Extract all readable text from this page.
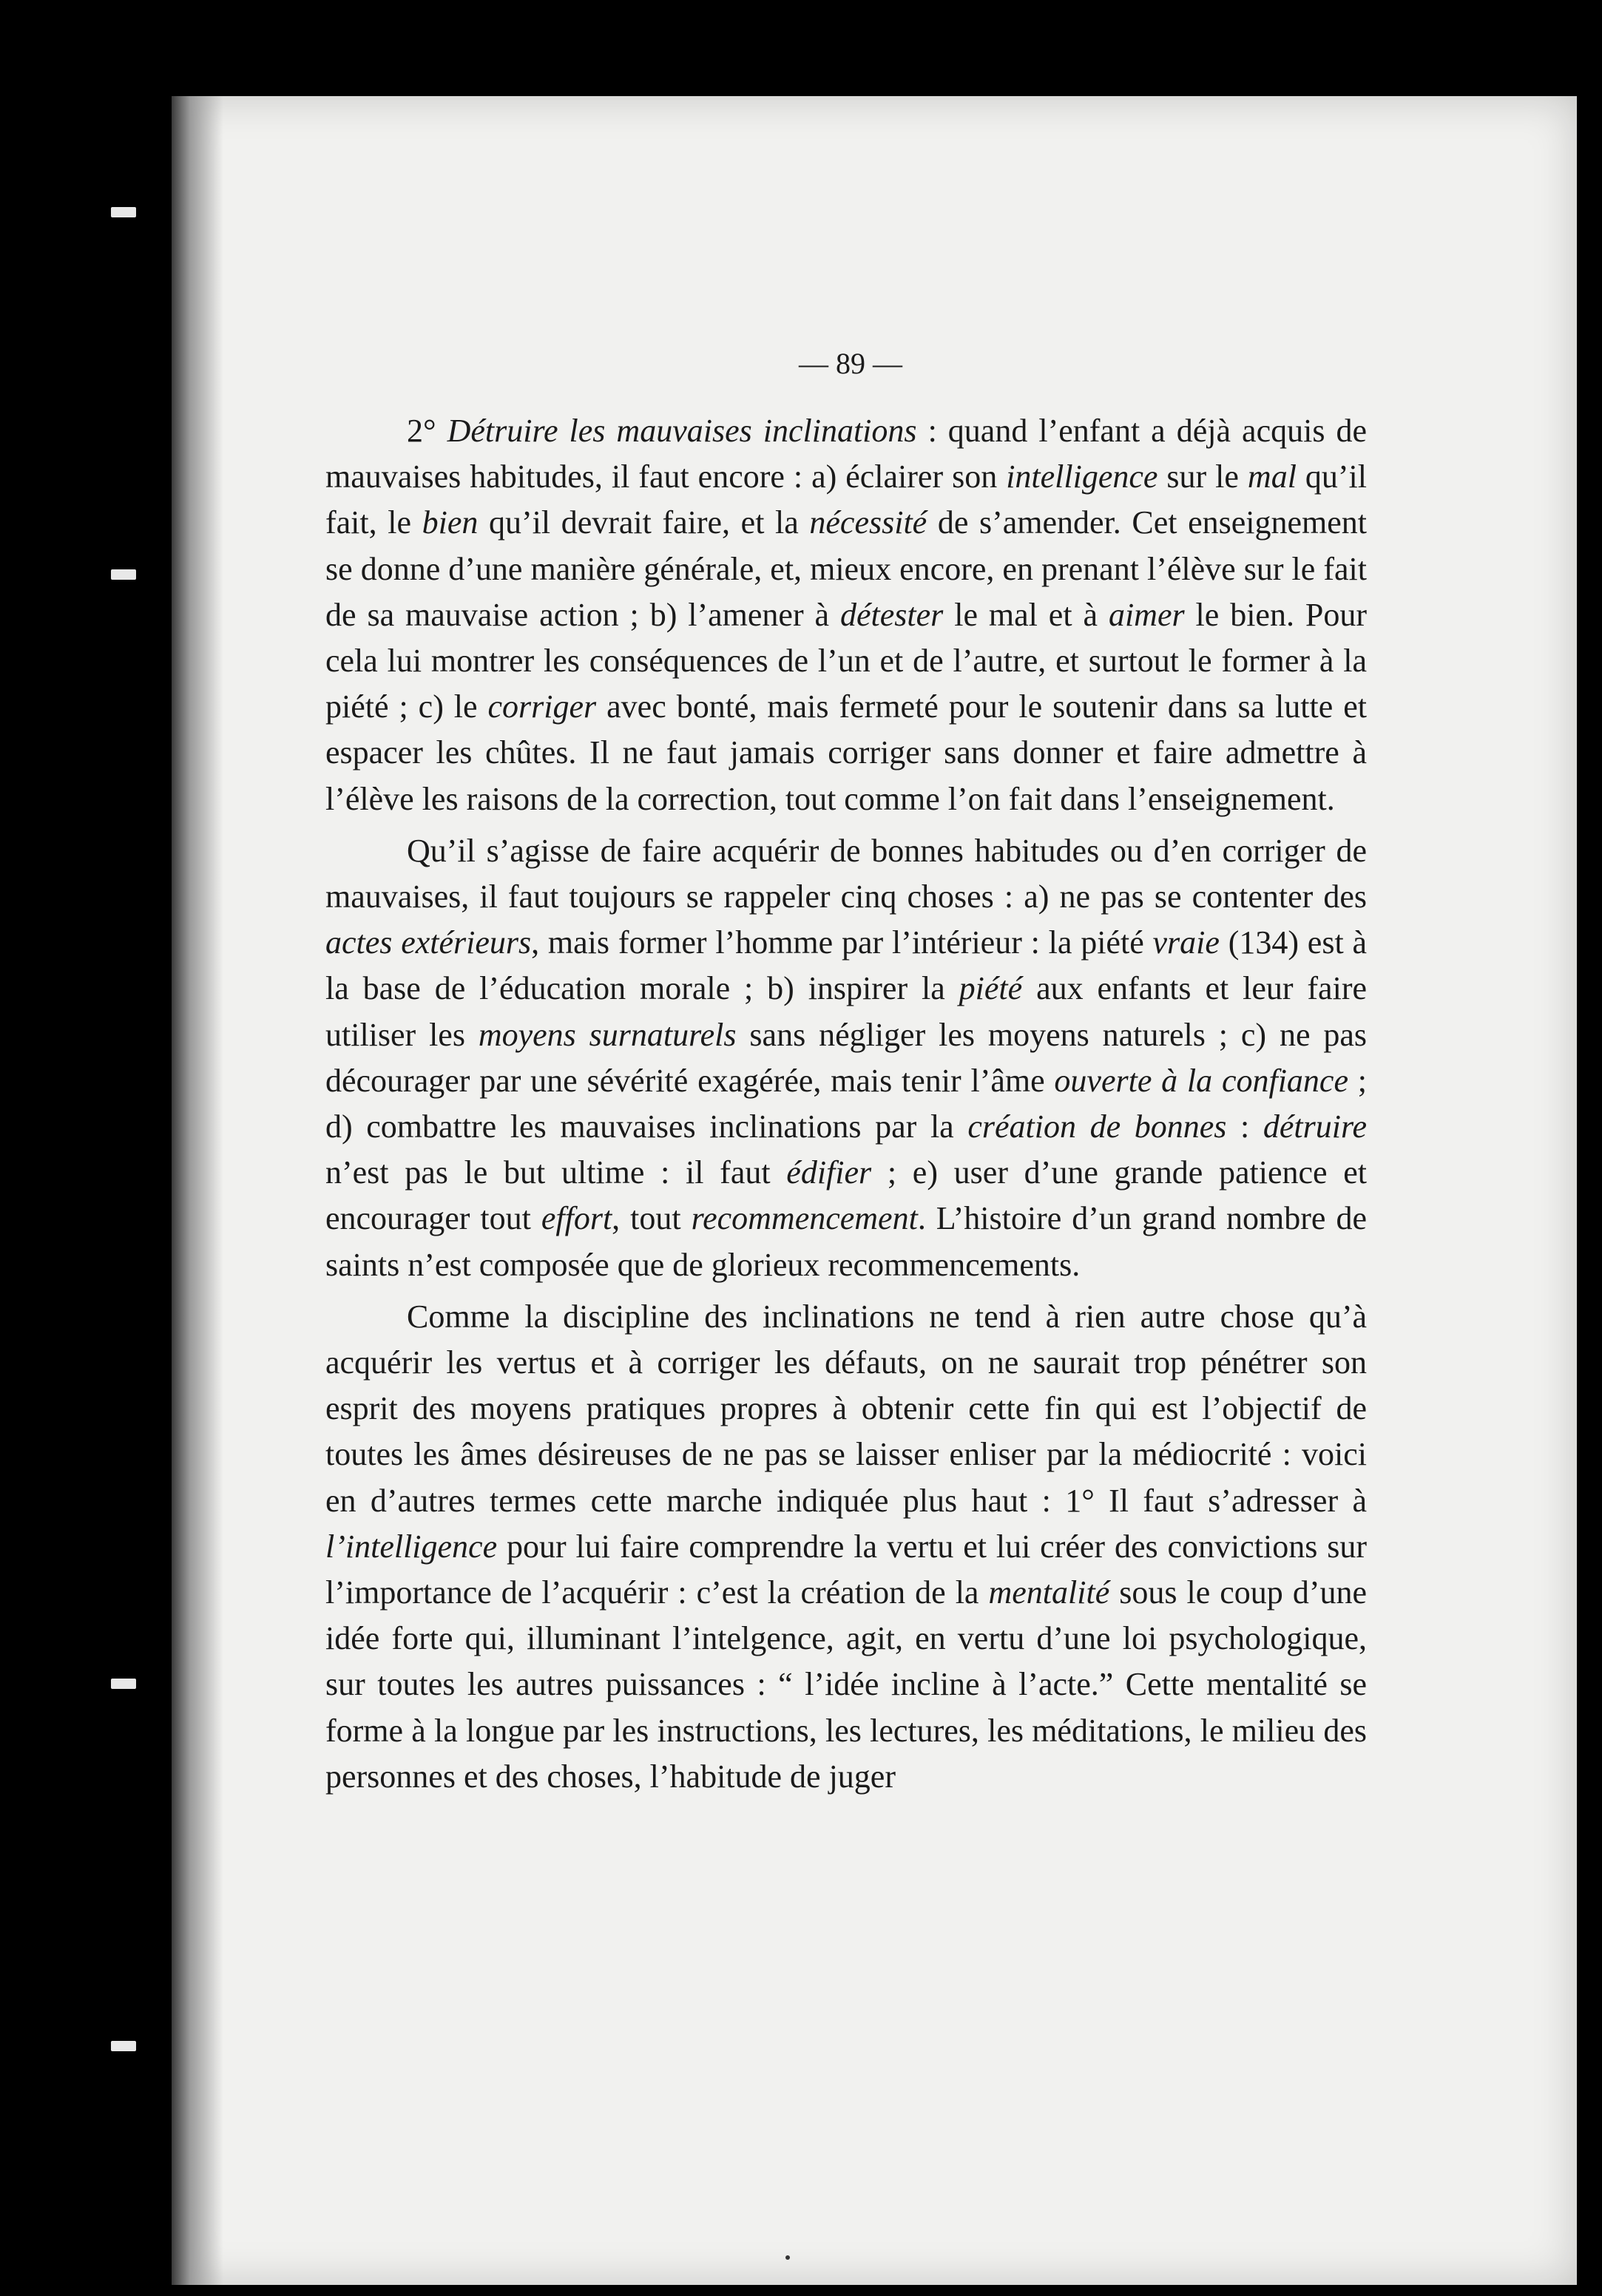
— 89 —

2° Détruire les mauvaises inclinations : quand l’enfant a déjà acquis de mauvaises habitudes, il faut encore : a) éclairer son intelligence sur le mal qu’il fait, le bien qu’il devrait faire, et la nécessité de s’amender. Cet enseignement se donne d’une manière générale, et, mieux encore, en prenant l’élève sur le fait de sa mauvaise action ; b) l’amener à détester le mal et à aimer le bien. Pour cela lui montrer les conséquences de l’un et de l’autre, et surtout le former à la piété ; c) le corriger avec bonté, mais fermeté pour le soutenir dans sa lutte et espacer les chûtes. Il ne faut jamais corriger sans donner et faire admettre à l’élève les raisons de la correction, tout comme l’on fait dans l’enseignement.

Qu’il s’agisse de faire acquérir de bonnes habitudes ou d’en corriger de mauvaises, il faut toujours se rappeler cinq choses : a) ne pas se contenter des actes extérieurs, mais former l’homme par l’intérieur : la piété vraie (134) est à la base de l’éducation morale ; b) inspirer la piété aux enfants et leur faire utiliser les moyens surnaturels sans négliger les moyens naturels ; c) ne pas décourager par une sévérité exagérée, mais tenir l’âme ouverte à la confiance ; d) combattre les mauvaises inclinations par la création de bonnes : détruire n’est pas le but ultime : il faut édifier ; e) user d’une grande patience et encourager tout effort, tout recommencement. L’histoire d’un grand nombre de saints n’est composée que de glorieux recommencements.

Comme la discipline des inclinations ne tend à rien autre chose qu’à acquérir les vertus et à corriger les défauts, on ne saurait trop pénétrer son esprit des moyens pratiques propres à obtenir cette fin qui est l’objectif de toutes les âmes désireuses de ne pas se laisser enliser par la médiocrité : voici en d’autres termes cette marche indiquée plus haut : 1° Il faut s’adresser à l’intelligence pour lui faire comprendre la vertu et lui créer des convictions sur l’importance de l’acquérir : c’est la création de la mentalité sous le coup d’une idée forte qui, illuminant l’intelgence, agit, en vertu d’une loi psychologique, sur toutes les autres puissances : “ l’idée incline à l’acte.” Cette mentalité se forme à la longue par les instructions, les lectures, les méditations, le milieu des personnes et des choses, l’habitude de juger
